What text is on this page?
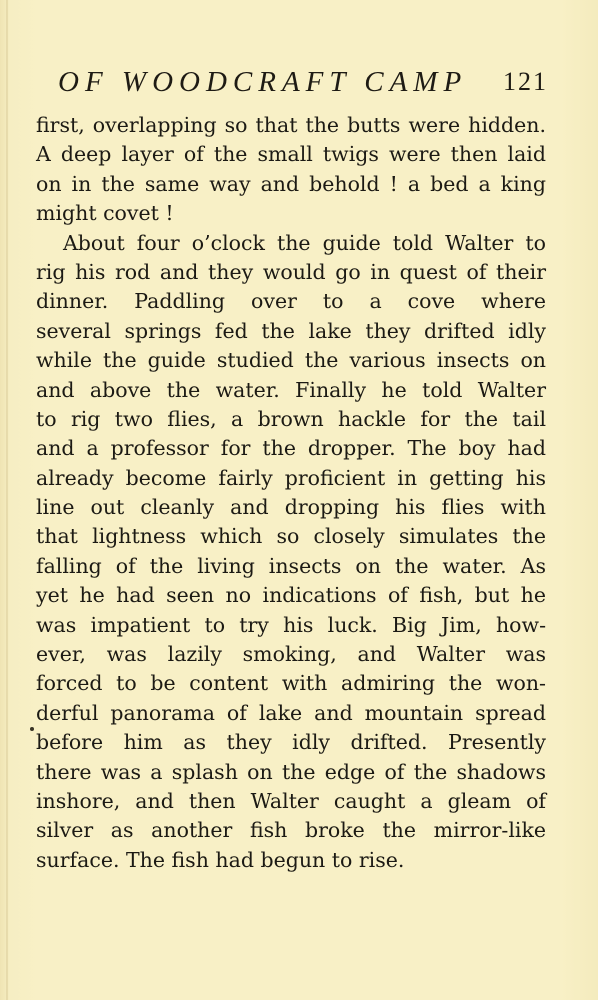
OF WOODCRAFT CAMP 121
first, overlapping so that the butts were hidden.
A deep layer of the small twigs were then laid
on in the same way and behold ! a bed a king
might covet !
About four o’clock the guide told Walter to
rig his rod and they would go in quest of their
dinner. Paddling over to a cove where
several springs fed the lake they drifted idly
while the guide studied the various insects on
and above the water. Finally he told Walter
to rig two flies, a brown hackle for the tail
and a professor for the dropper. The boy had
already become fairly proficient in getting his
line out cleanly and dropping his flies with
that lightness which so closely simulates the
falling of the living insects on the water. As
yet he had seen no indications of fish, but he
was impatient to try his luck. Big Jim, how-
ever, was lazily smoking, and Walter was
forced to be content with admiring the won-
derful panorama of lake and mountain spread
before him as they idly drifted. Presently
there was a splash on the edge of the shadows
inshore, and then Walter caught a gleam of
silver as another fish broke the mirror-like
surface. The fish had begun to rise.
